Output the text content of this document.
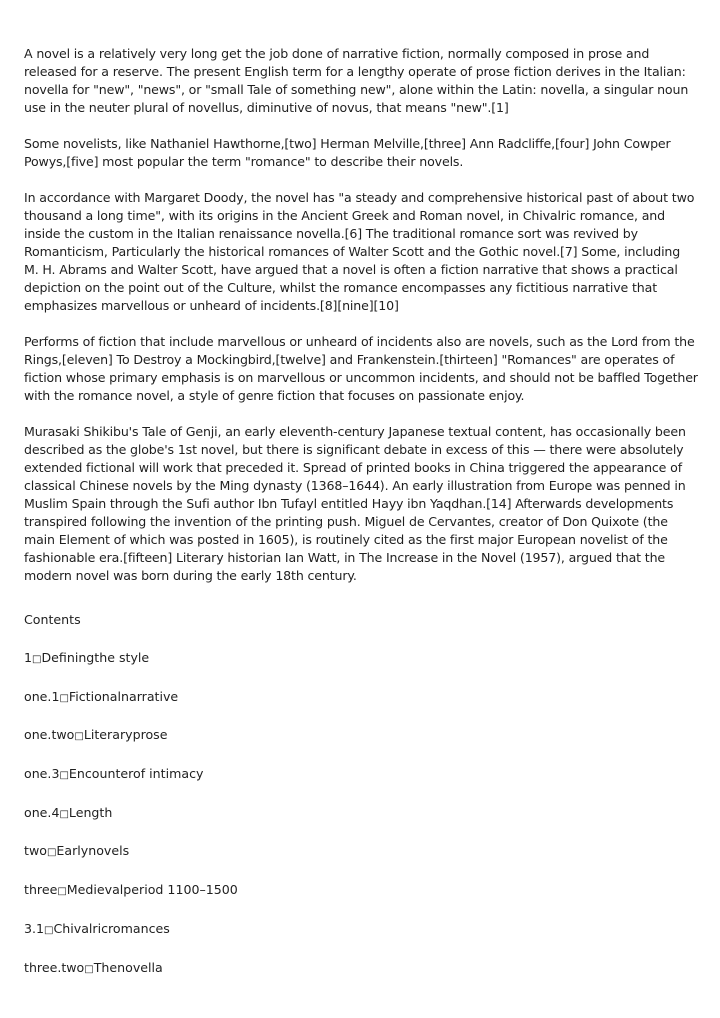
A novel is a relatively very long get the job done of narrative fiction, normally composed in prose and released for a reserve. The present English term for a lengthy operate of prose fiction derives in the Italian: novella for "new", "news", or "small Tale of something new", alone within the Latin: novella, a singular noun use in the neuter plural of novellus, diminutive of novus, that means "new".[1]

Some novelists, like Nathaniel Hawthorne,[two] Herman Melville,[three] Ann Radcliffe,[four] John Cowper Powys,[five] most popular the term "romance" to describe their novels.

In accordance with Margaret Doody, the novel has "a steady and comprehensive historical past of about two thousand a long time", with its origins in the Ancient Greek and Roman novel, in Chivalric romance, and inside the custom in the Italian renaissance novella.[6] The traditional romance sort was revived by Romanticism, Particularly the historical romances of Walter Scott and the Gothic novel.[7] Some, including M. H. Abrams and Walter Scott, have argued that a novel is often a fiction narrative that shows a practical depiction on the point out of the Culture, whilst the romance encompasses any fictitious narrative that emphasizes marvellous or unheard of incidents.[8][nine][10]

Performs of fiction that include marvellous or unheard of incidents also are novels, such as the Lord from the Rings,[eleven] To Destroy a Mockingbird,[twelve] and Frankenstein.[thirteen] "Romances" are operates of fiction whose primary emphasis is on marvellous or uncommon incidents, and should not be baffled Together with the romance novel, a style of genre fiction that focuses on passionate enjoy.

Murasaki Shikibu's Tale of Genji, an early eleventh-century Japanese textual content, has occasionally been described as the globe's 1st novel, but there is significant debate in excess of this — there were absolutely extended fictional will work that preceded it. Spread of printed books in China triggered the appearance of classical Chinese novels by the Ming dynasty (1368–1644). An early illustration from Europe was penned in Muslim Spain through the Sufi author Ibn Tufayl entitled Hayy ibn Yaqdhan.[14] Afterwards developments transpired following the invention of the printing push. Miguel de Cervantes, creator of Don Quixote (the main Element of which was posted in 1605), is routinely cited as the first major European novelist of the fashionable era.[fifteen] Literary historian Ian Watt, in The Increase in the Novel (1957), argued that the modern novel was born during the early 18th century.

Contents
1 □ Definingthe style
one.1 □ Fictionalnarrative
one.two □ Literaryprose
one.3 □ Encounterof intimacy
one.4 □ Length
two □ Earlynovels
three □ Medievalperiod 1100–1500
3.1 □ Chivalricromances
three.two □ Thenovella
